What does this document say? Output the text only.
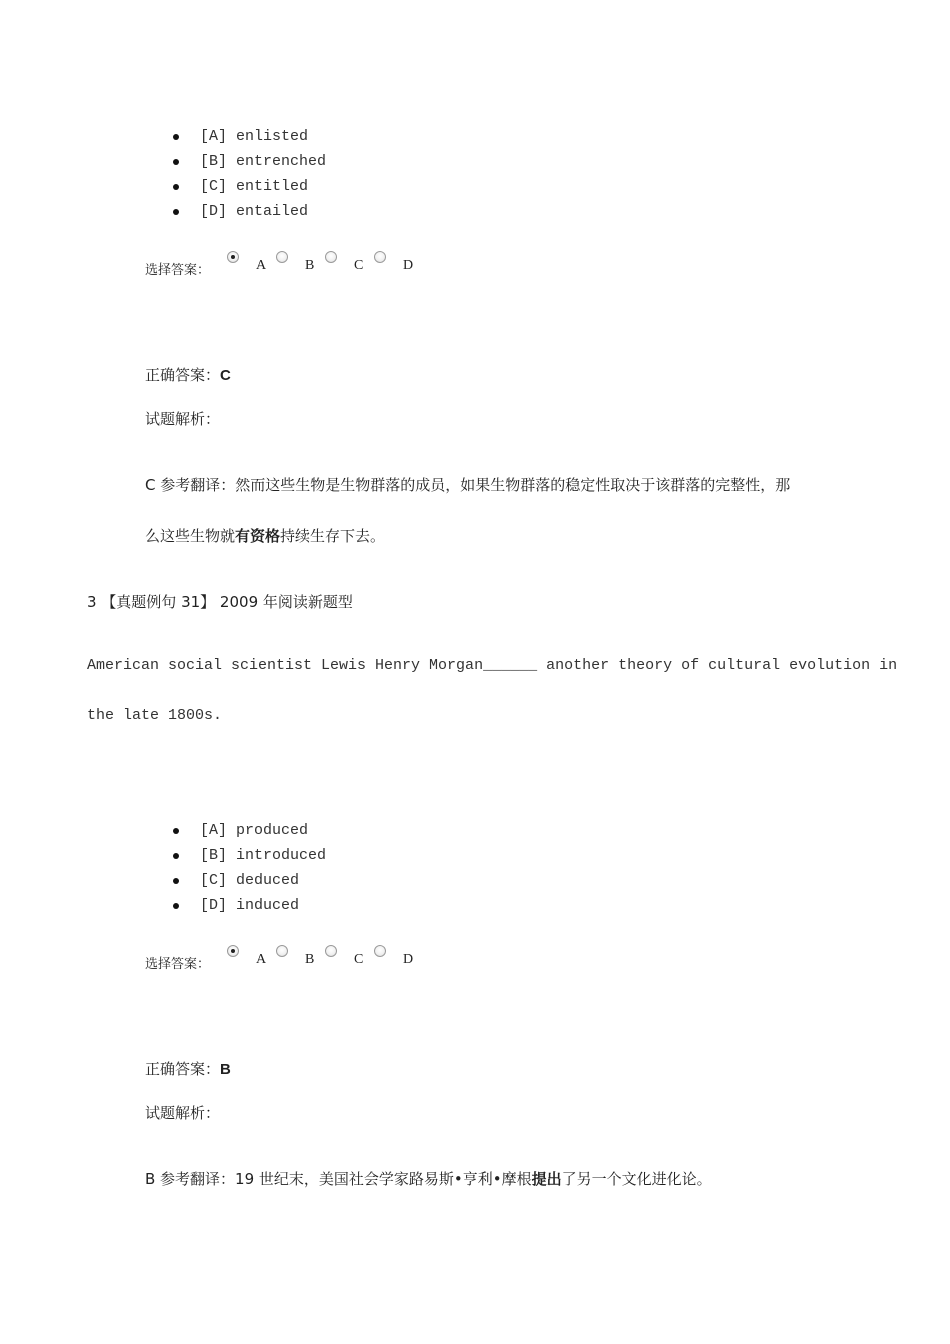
[A] enlisted
[B] entrenched
[C] entitled
[D] entailed
选择答案：	A	B	C	D
正确答案：C
试题解析：
C 参考翻译：然而这些生物是生物群落的成员，如果生物群落的稳定性取决于该群落的完整性，那
么这些生物就有资格持续生存下去。
3 【真题例句 31】 2009 年阅读新题型
American social scientist Lewis Henry Morgan______ another theory of cultural evolution in
the late 1800s.
[A] produced
[B] introduced
[C] deduced
[D] induced
选择答案：	A	B	C	D
正确答案：B
试题解析：
B 参考翻译：19 世纪末，美国社会学家路易斯•亨利•摩根提出了另一个文化进化论。
